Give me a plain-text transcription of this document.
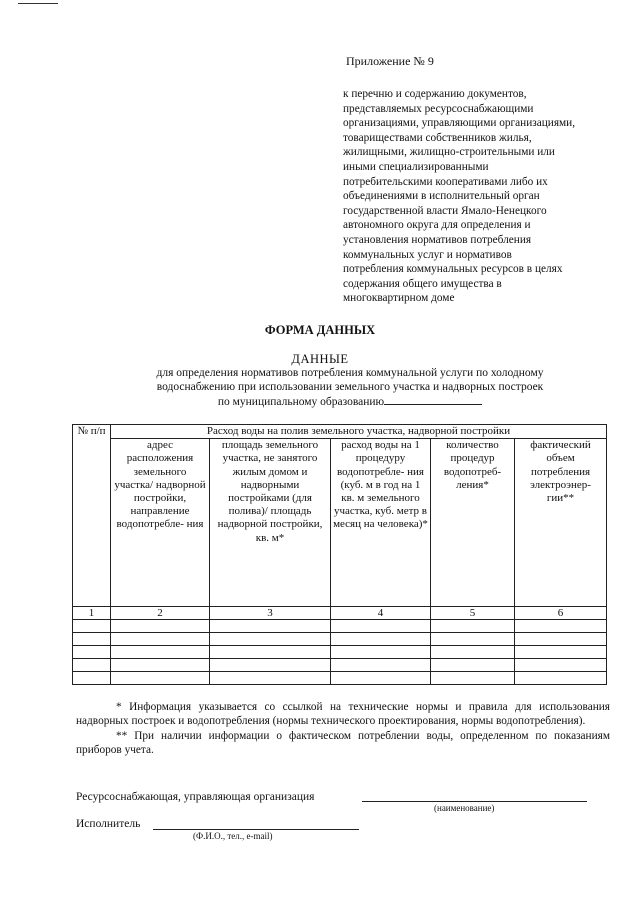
Приложение № 9
к перечню и содержанию документов,
представляемых ресурсоснабжающими
организациями, управляющими организациями,
товариществами собственников жилья,
жилищными, жилищно-строительными или
иными специализированными
потребительскими кооперативами либо их
объединениями в исполнительный орган
государственной власти Ямало-Ненецкого
автономного округа для определения и
установления нормативов потребления
коммунальных услуг и нормативов
потребления коммунальных ресурсов в целях
содержания общего имущества в
многоквартирном доме
ФОРМА ДАННЫХ
ДАННЫЕ
для определения нормативов потребления коммунальной услуги по холодному
водоснабжению при использовании земельного участка и надворных построек
по муниципальному образованию
№ п/п	Расход воды на полив земельного участка, надворной постройки				
	адрес расположения земельного участка/ надворной постройки, направление водопотребле- ния	площадь земельного участка, не занятого жилым домом и надворными постройками (для полива)/ площадь надворной постройки, кв. м*	расход воды на 1 процедуру водопотребле- ния (куб. м в год на 1 кв. м земельного участка, куб. метр в месяц на человека)*	количество процедур водопотреб- ления*	фактический объем потребления электроэнер- гии**
1	2	3	4	5	6

* Информация указывается со ссылкой на технические нормы и правила для использования надворных построек и водопотребления (нормы технического проектирования, нормы водопотребления).

** При наличии информации о фактическом потреблении воды, определенном по показаниям приборов учета.

Ресурсоснабжающая, управляющая организация
(наименование)
Исполнитель
(Ф.И.О., тел., e-mail)
